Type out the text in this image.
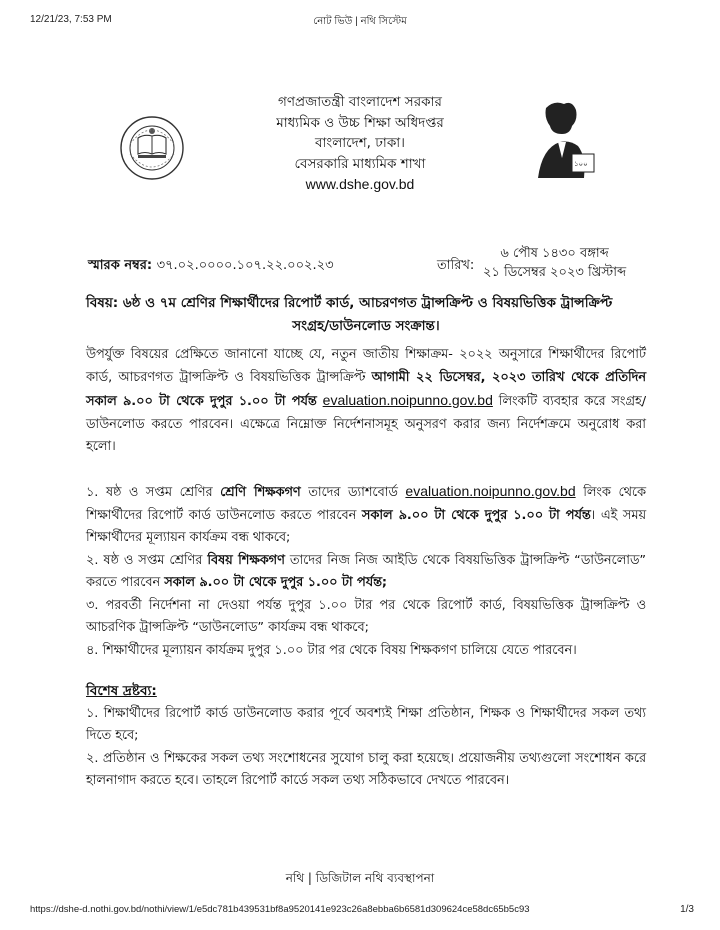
12/21/23, 7:53 PM	নোট ভিউ | নথি সিস্টেম
গণপ্রজাতন্ত্রী বাংলাদেশ সরকার
মাধ্যমিক ও উচ্চ শিক্ষা অধিদপ্তর
বাংলাদেশ, ঢাকা।
বেসরকারি মাধ্যমিক শাখা
www.dshe.gov.bd
১০০
স্মারক নম্বর: ৩৭.০২.০০০০.১০৭.২২.০০২.২৩	তারিখ:
৬ পৌষ ১৪৩০ বঙ্গাব্দ
২১ ডিসেম্বর ২০২৩ খ্রিস্টাব্দ
বিষয়: ৬ষ্ঠ ও ৭ম শ্রেণির শিক্ষার্থীদের রিপোর্ট কার্ড, আচরণগত ট্রান্সক্রিপ্ট ও বিষয়ভিত্তিক ট্রান্সক্রিপ্ট
সংগ্রহ/ডাউনলোড সংক্রান্ত।
উপর্যুক্ত বিষয়ের প্রেক্ষিতে জানানো যাচ্ছে যে, নতুন জাতীয় শিক্ষাক্রম- ২০২২ অনুসারে শিক্ষার্থীদের রিপোর্ট কার্ড, আচরণগত ট্রান্সক্রিপ্ট ও বিষয়ভিত্তিক ট্রান্সক্রিপ্ট আগামী ২২ ডিসেম্বর, ২০২৩ তারিখ থেকে প্রতিদিন সকাল ৯.০০ টা থেকে দুপুর ১.০০ টা পর্যন্ত evaluation.noipunno.gov.bd লিংকটি ব্যবহার করে সংগ্রহ/ডাউনলোড করতে পারবেন। এক্ষেত্রে নিম্নোক্ত নির্দেশনাসমূহ অনুসরণ করার জন্য নির্দেশক্রমে অনুরোধ করা হলো।

১. ষষ্ঠ ও সপ্তম শ্রেণির শ্রেণি শিক্ষকগণ তাদের ড্যাশবোর্ড evaluation.noipunno.gov.bd লিংক থেকে শিক্ষার্থীদের রিপোর্ট কার্ড ডাউনলোড করতে পারবেন সকাল ৯.০০ টা থেকে দুপুর ১.০০ টা পর্যন্ত। এই সময় শিক্ষার্থীদের মূল্যায়ন কার্যক্রম বন্ধ থাকবে;

২. ষষ্ঠ ও সপ্তম শ্রেণির বিষয় শিক্ষকগণ তাদের নিজ নিজ আইডি থেকে বিষয়ভিত্তিক ট্রান্সক্রিপ্ট “ডাউনলোড” করতে পারবেন সকাল ৯.০০ টা থেকে দুপুর ১.০০ টা পর্যন্ত;

৩. পরবর্তী নির্দেশনা না দেওয়া পর্যন্ত দুপুর ১.০০ টার পর থেকে রিপোর্ট কার্ড, বিষয়ভিত্তিক ট্রান্সক্রিপ্ট ও আচরণিক ট্রান্সক্রিপ্ট “ডাউনলোড” কার্যক্রম বন্ধ থাকবে;

৪. শিক্ষার্থীদের মূল্যায়ন কার্যক্রম দুপুর ১.০০ টার পর থেকে বিষয় শিক্ষকগণ চালিয়ে যেতে পারবেন।

বিশেষ দ্রষ্টব্য:

১. শিক্ষার্থীদের রিপোর্ট কার্ড ডাউনলোড করার পূর্বে অবশ্যই শিক্ষা প্রতিষ্ঠান, শিক্ষক ও শিক্ষার্থীদের সকল তথ্য দিতে হবে;

২. প্রতিষ্ঠান ও শিক্ষকের সকল তথ্য সংশোধনের সুযোগ চালু করা হয়েছে। প্রয়োজনীয় তথ্যগুলো সংশোধন করে হালনাগাদ করতে হবে। তাহলে রিপোর্ট কার্ডে সকল তথ্য সঠিকভাবে দেখতে পারবেন।

নথি | ডিজিটাল নথি ব্যবস্থাপনা
https://dshe-d.nothi.gov.bd/nothi/view/1/e5dc781b439531bf8a9520141e923c26a8ebba6b6581d309624ce58dc65b5c93	1/3
